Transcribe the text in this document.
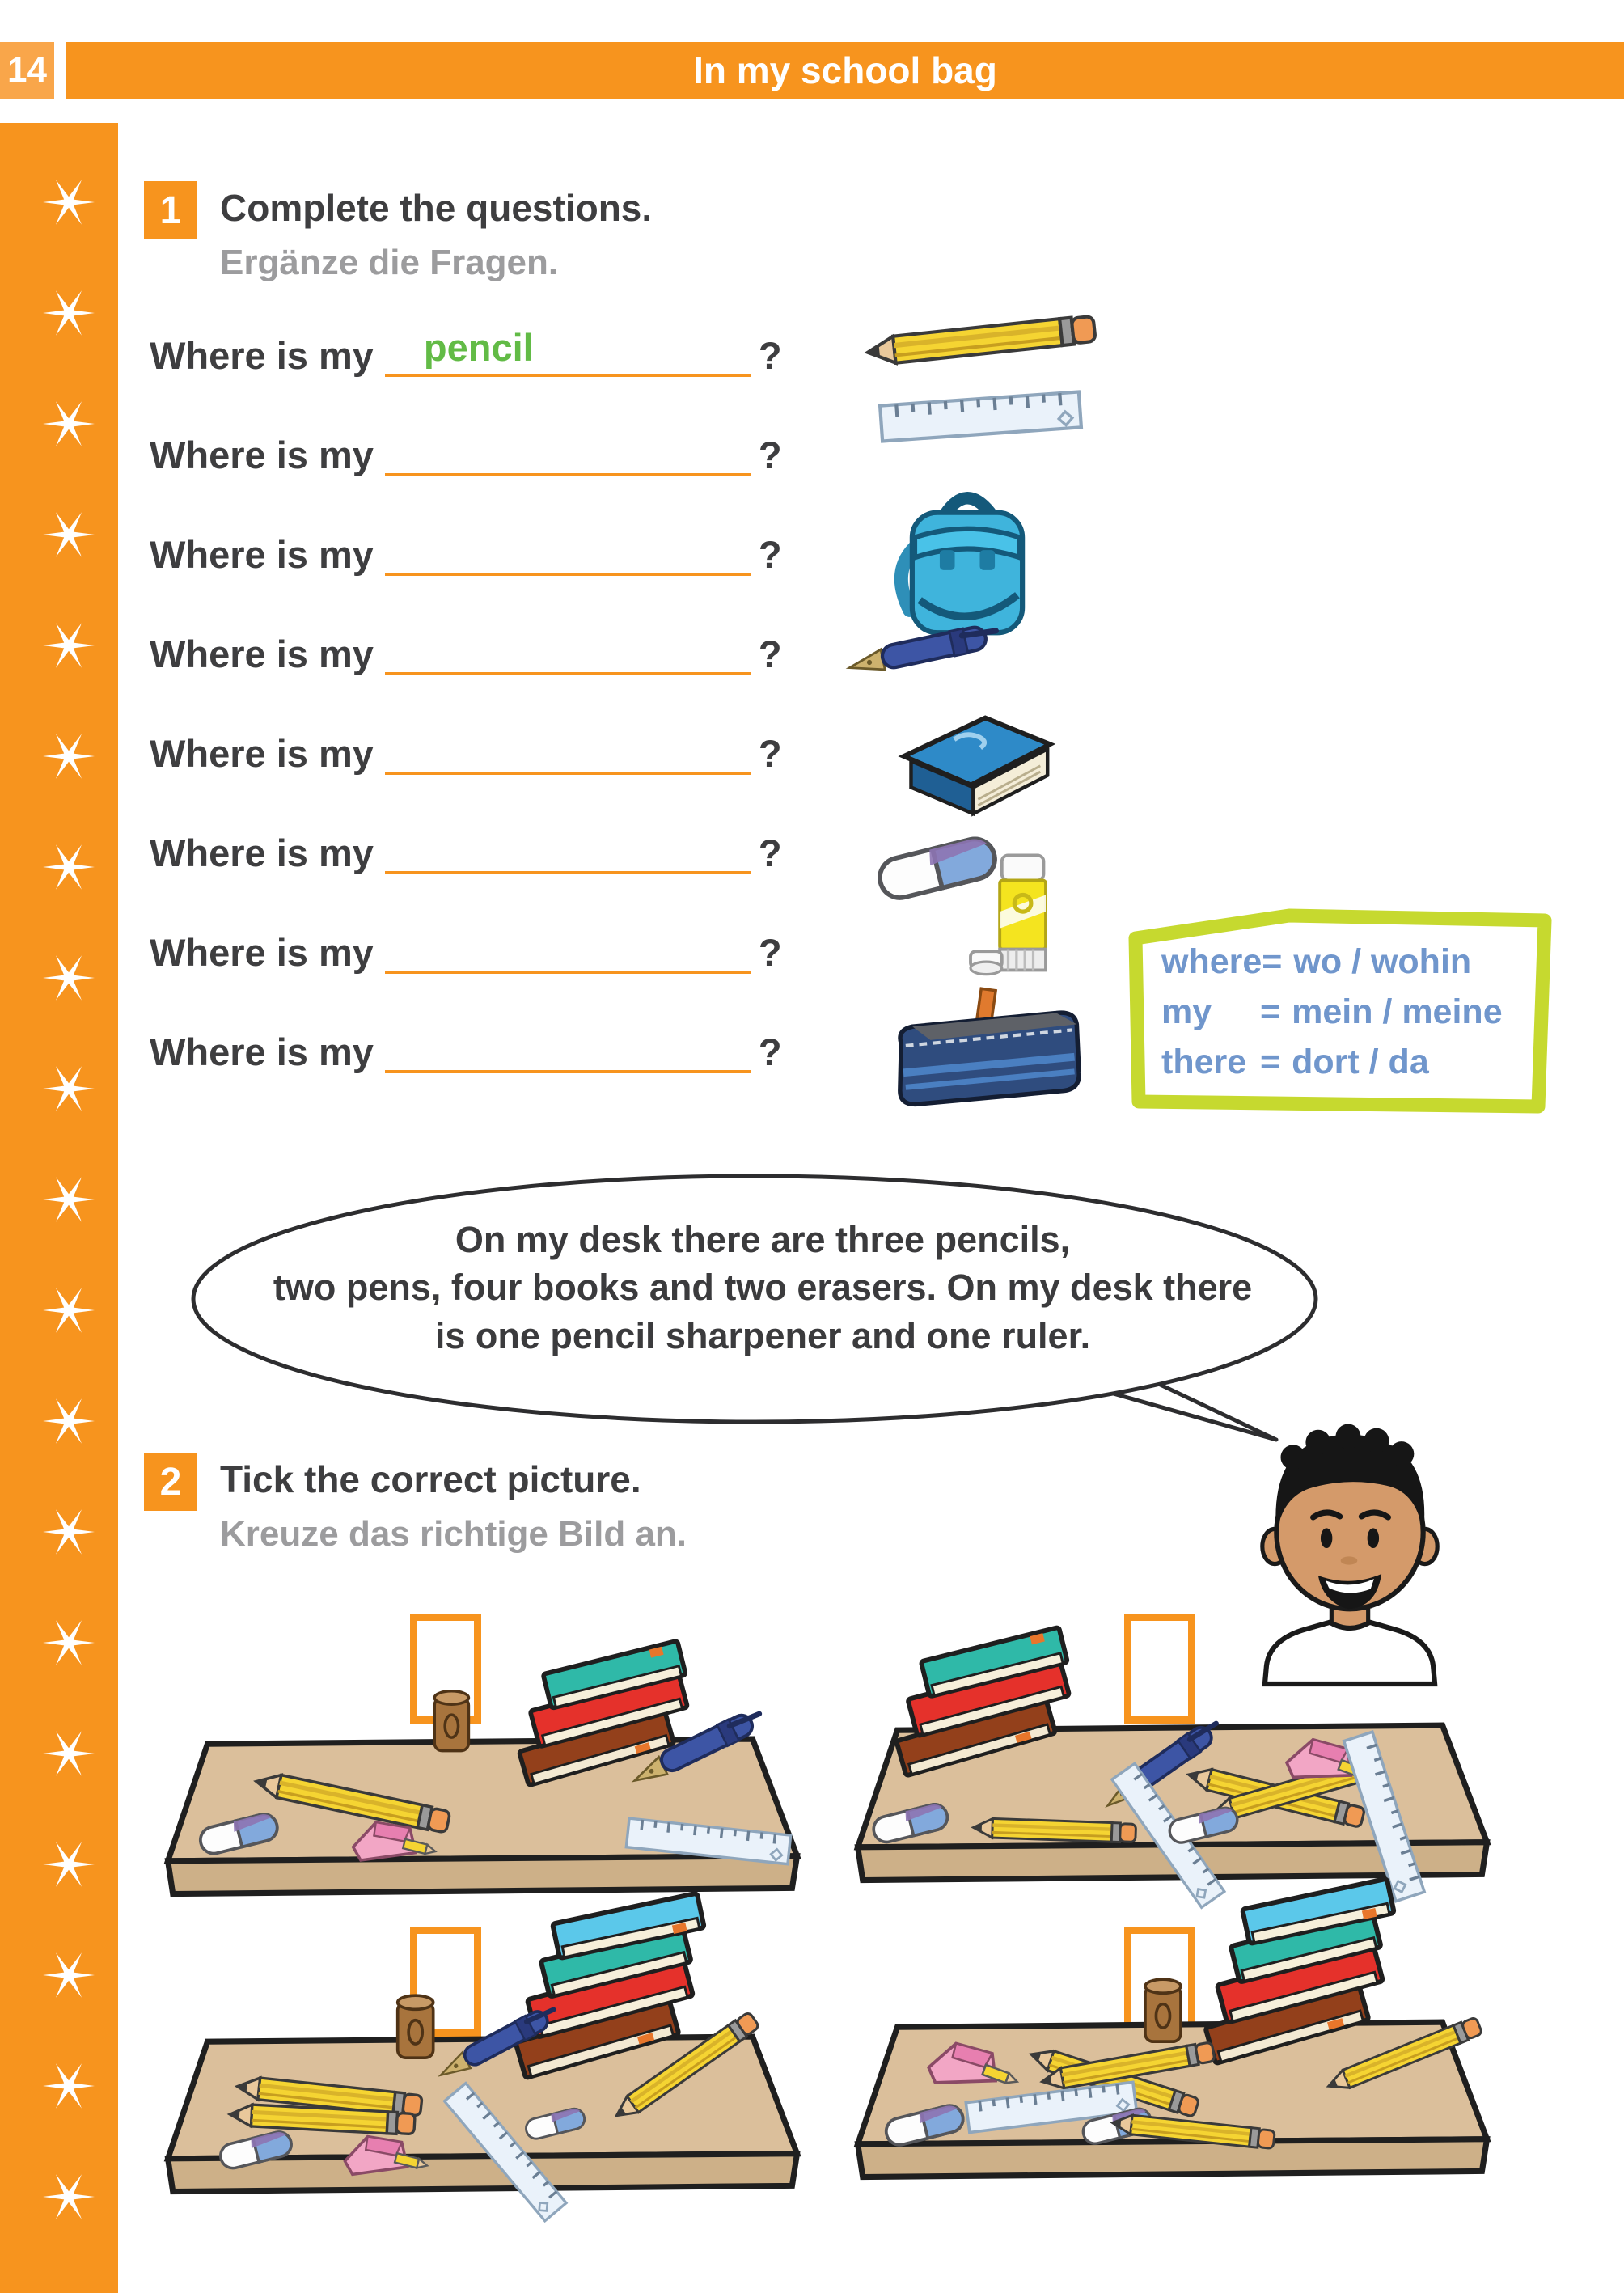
14	In my school bag
1	Complete the questions.
Ergänze die Fragen.
Where is my	pencil	?
Where is my	?
Where is my	?
Where is my	?
Where is my	?
Where is my	?
Where is my	?
Where is my	?
where = wo / wohin
my	= mein / meine
there = dort / da
On my desk there are three pencils,
two pens, four books and two erasers. On my desk there
is one pencil sharpener and one ruler.
2	Tick the correct picture.
Kreuze das richtige Bild an.
